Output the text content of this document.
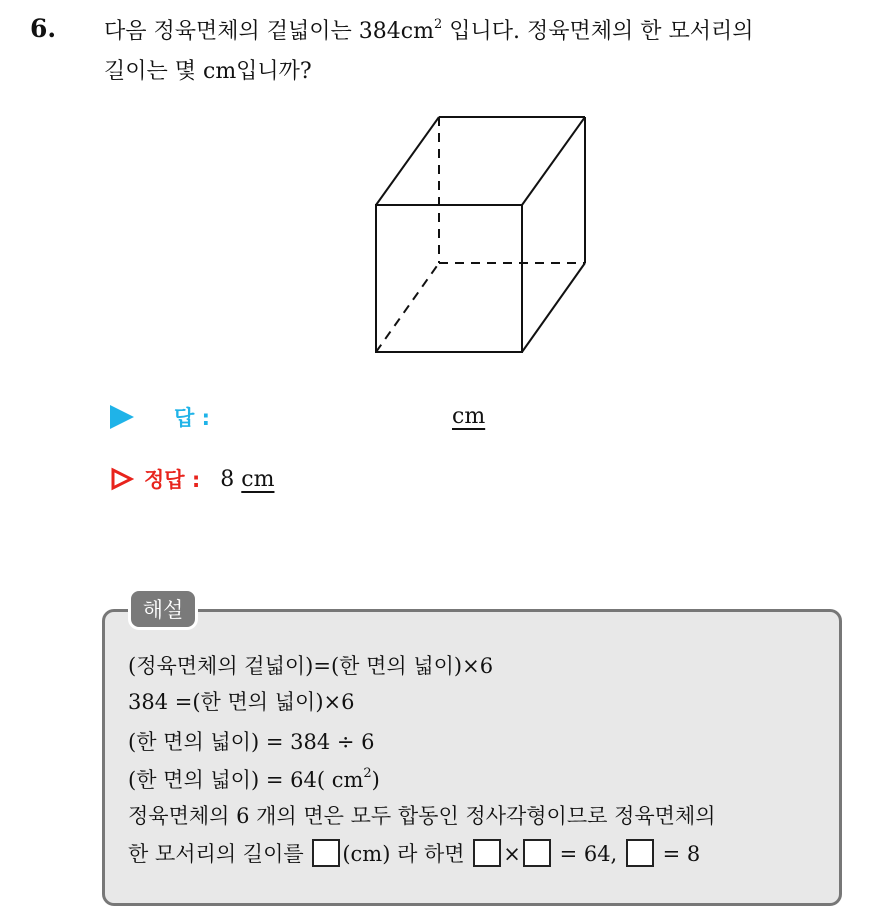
6. 다음 정육면체의 겉넓이는 $384cm^2$ 입니다. 정육면체의 한 모서리의
길이는 몇 cm입니까?
답 :	cm
정답 : 8 cm
해설
(정육면체의 겉넓이)=(한 면의 넓이)×6
384 =(한 면의 넓이)×6
(한 면의 넓이) = 384 ÷ 6
(한 면의 넓이) = 64( $cm^2$)
정육면체의 6 개의 면은 모두 합동인 정사각형이므로 정육면체의
한 모서리의 길이를 (cm) 라 하면 × = 64,  = 8
